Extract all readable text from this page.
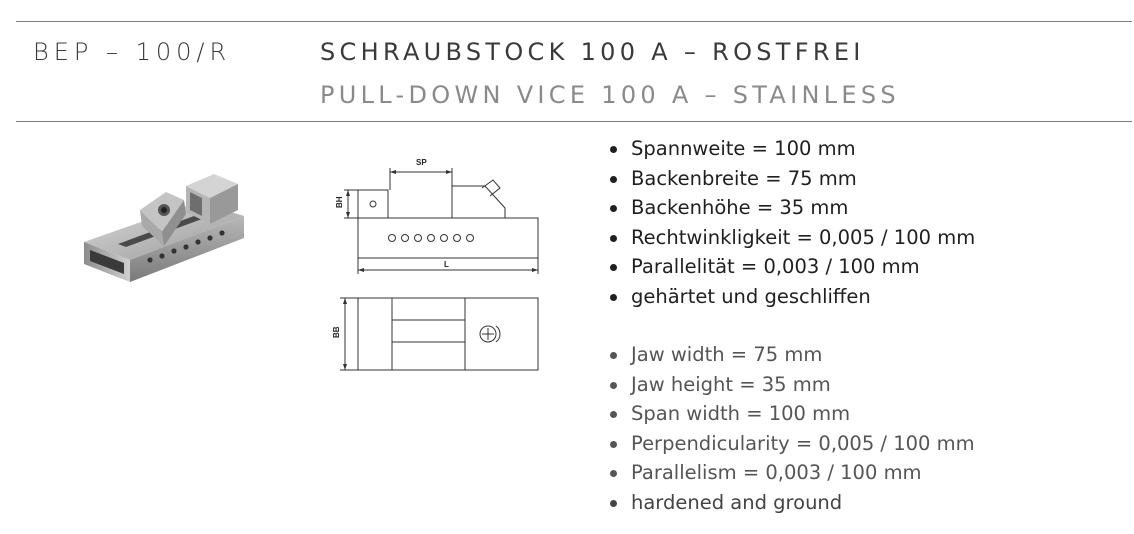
BEP – 100/R	SCHRAUBSTOCK 100 A – ROSTFREI
PULL-DOWN VICE 100 A – STAINLESS
SP
BH
L
BB
Spannweite = 100 mm
Backenbreite = 75 mm
Backenhöhe = 35 mm
Rechtwinkligkeit = 0,005 / 100 mm
Parallelität = 0,003 / 100 mm
gehärtet und geschliffen
Jaw width = 75 mm
Jaw height = 35 mm
Span width = 100 mm
Perpendicularity = 0,005 / 100 mm
Parallelism = 0,003 / 100 mm
hardened and ground
